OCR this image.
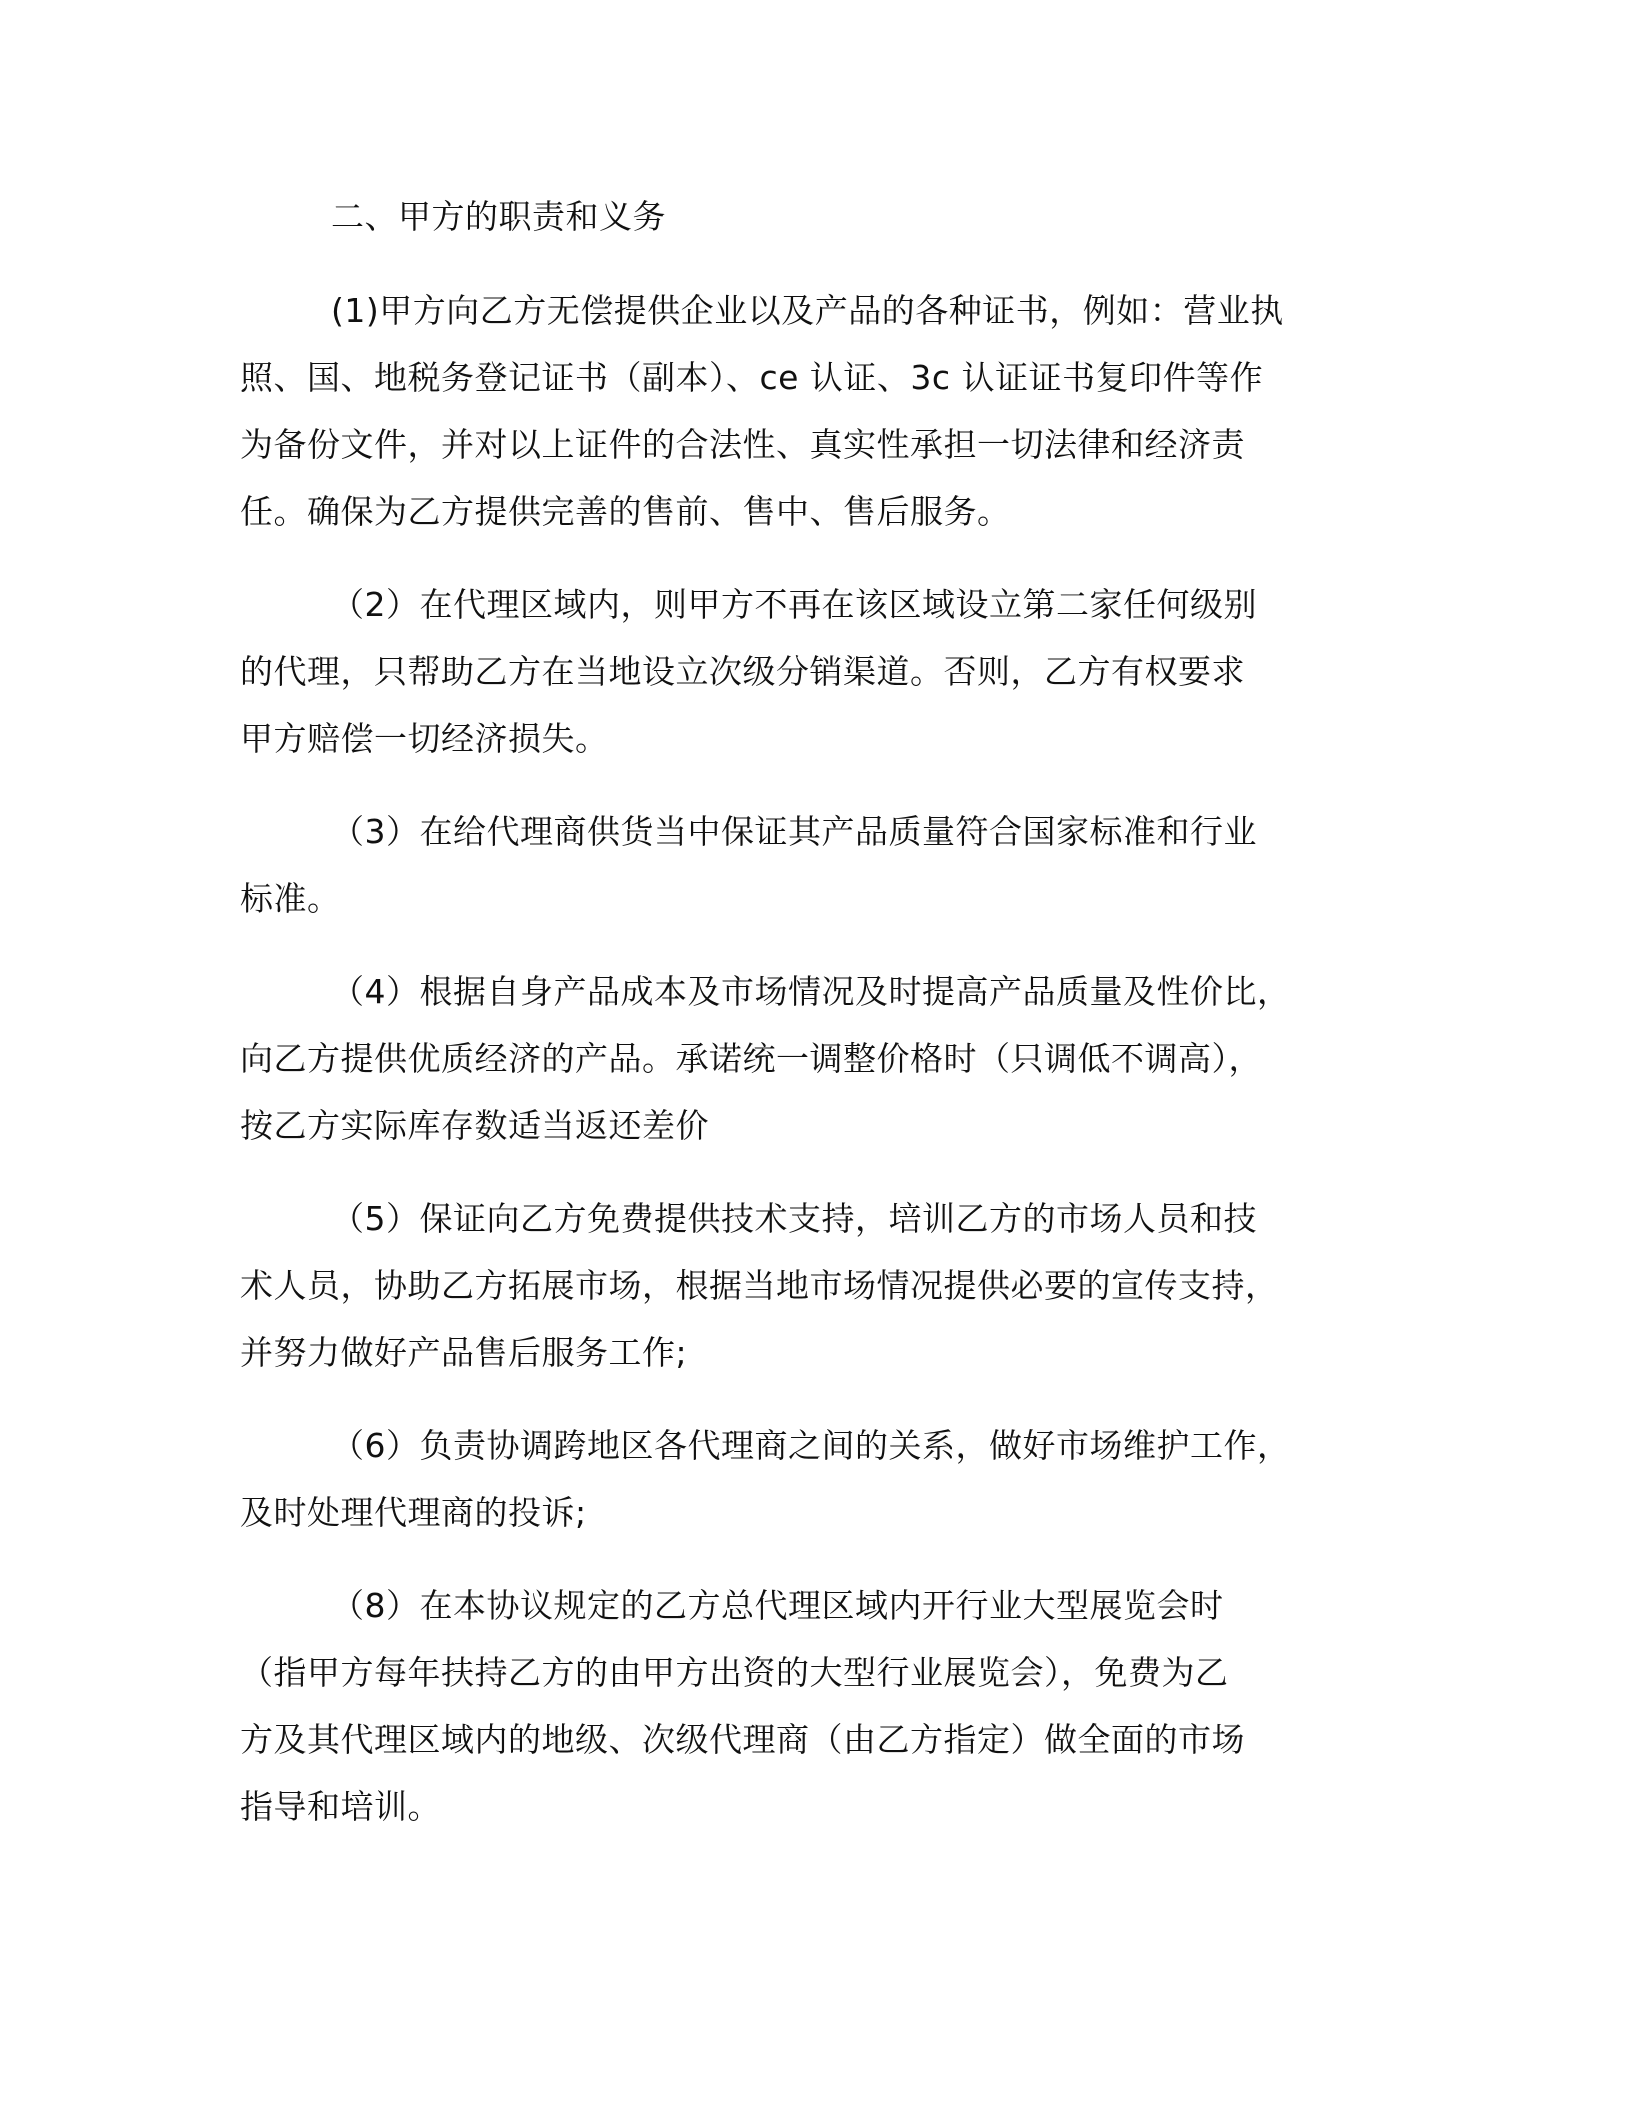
二、甲方的职责和义务
(1)甲方向乙方无偿提供企业以及产品的各种证书，例如：营业执
照、国、地税务登记证书（副本）、ce 认证、3c 认证证书复印件等作
为备份文件，并对以上证件的合法性、真实性承担一切法律和经济责
任。确保为乙方提供完善的售前、售中、售后服务。
（2）在代理区域内，则甲方不再在该区域设立第二家任何级别
的代理，只帮助乙方在当地设立次级分销渠道。否则，乙方有权要求
甲方赔偿一切经济损失。
（3）在给代理商供货当中保证其产品质量符合国家标准和行业
标准。
（4）根据自身产品成本及市场情况及时提高产品质量及性价比，
向乙方提供优质经济的产品。承诺统一调整价格时（只调低不调高），
按乙方实际库存数适当返还差价
（5）保证向乙方免费提供技术支持，培训乙方的市场人员和技
术人员，协助乙方拓展市场，根据当地市场情况提供必要的宣传支持，
并努力做好产品售后服务工作;
（6）负责协调跨地区各代理商之间的关系，做好市场维护工作，
及时处理代理商的投诉;
（8）在本协议规定的乙方总代理区域内开行业大型展览会时
（指甲方每年扶持乙方的由甲方出资的大型行业展览会），免费为乙
方及其代理区域内的地级、次级代理商（由乙方指定）做全面的市场
指导和培训。
